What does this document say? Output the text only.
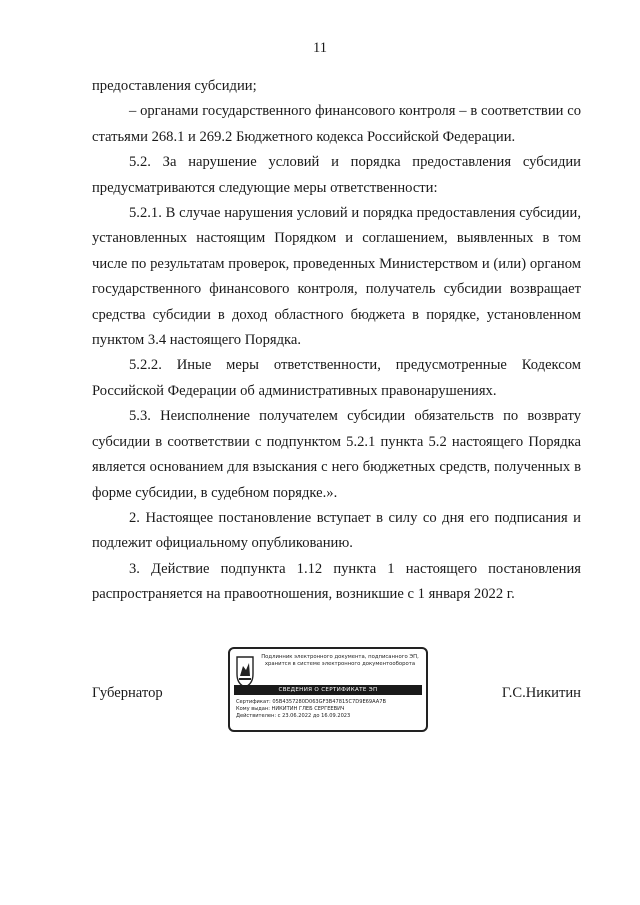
11

предоставления субсидии;

– органами государственного финансового контроля – в соответствии со статьями 268.1 и 269.2 Бюджетного кодекса Российской Федерации.

5.2. За нарушение условий и порядка предоставления субсидии предусматриваются следующие меры ответственности:

5.2.1. В случае нарушения условий и порядка предоставления субсидии, установленных настоящим Порядком и соглашением, выявленных в том числе по результатам проверок, проведенных Министерством и (или) органом государственного финансового контроля, получатель субсидии возвращает средства субсидии в доход областного бюджета в порядке, установленном пунктом 3.4 настоящего Порядка.

5.2.2. Иные меры ответственности, предусмотренные Кодексом Российской Федерации об административных правонарушениях.

5.3. Неисполнение получателем субсидии обязательств по возврату субсидии в соответствии с подпунктом 5.2.1 пункта 5.2 настоящего Порядка является основанием для взыскания с него бюджетных средств, полученных в форме субсидии, в судебном порядке.».

2. Настоящее постановление вступает в силу со дня его подписания и подлежит официальному опубликованию.

3. Действие подпункта 1.12 пункта 1 настоящего постановления распространяется на правоотношения, возникшие с 1 января 2022 г.

Губернатор
Подлинник электронного документа, подписанного ЭП, хранится в системе электронного документооборота
СВЕДЕНИЯ О СЕРТИФИКАТЕ ЭП
Сертификат: 05B4357280D063GF3B47815C7D9E69AA7B
Кому выдан: НИКИТИН ГЛЕБ СЕРГЕЕВИЧ
Действителен: с 23.06.2022 до 16.09.2023
Г.С.Никитин
